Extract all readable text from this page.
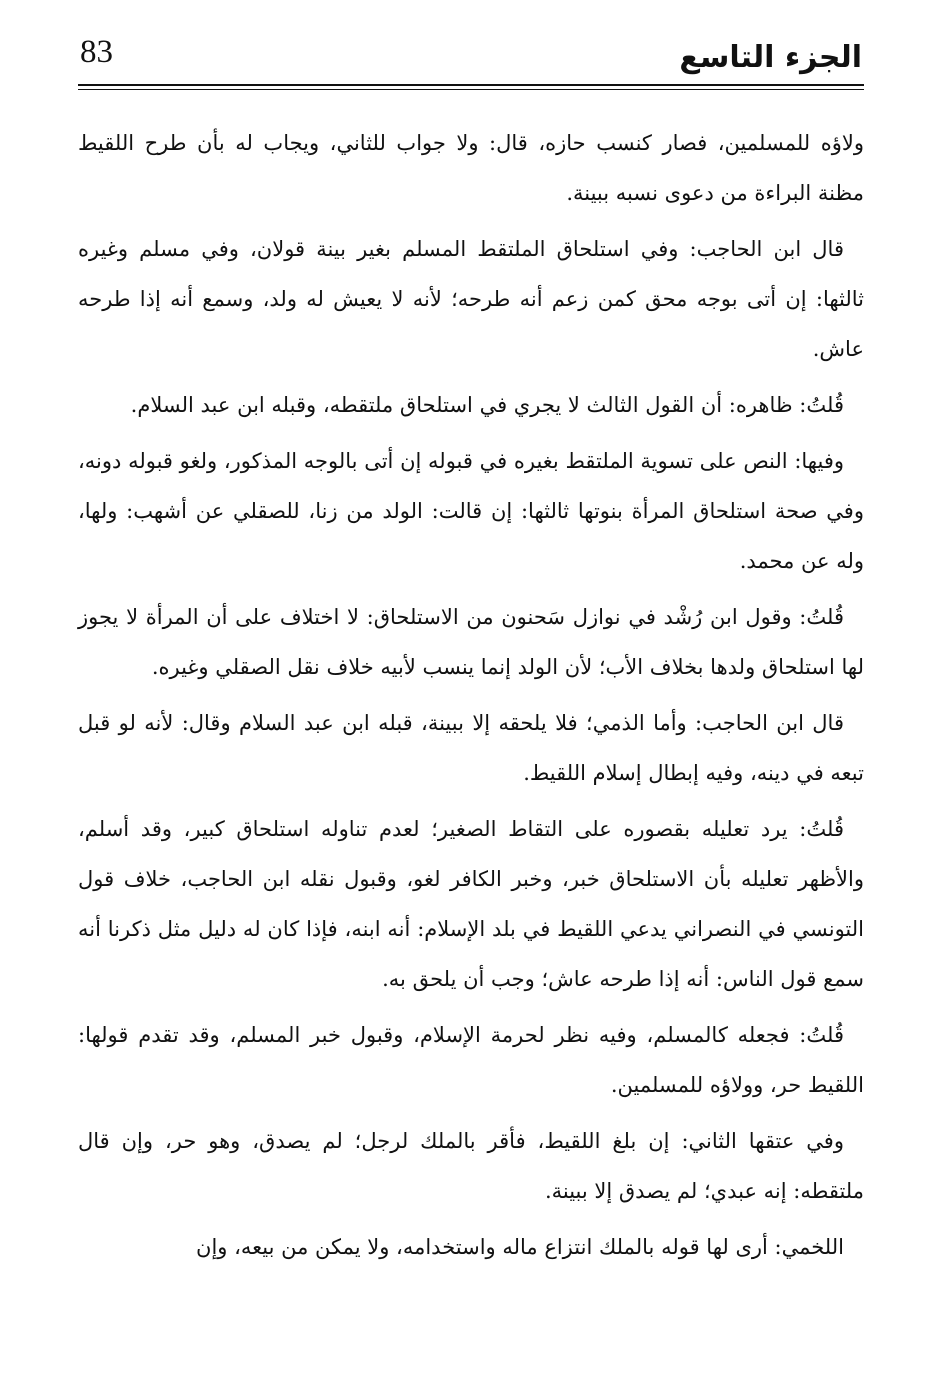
الجزء التاسع
83

ولاؤه للمسلمين، فصار كنسب حازه، قال: ولا جواب للثاني، ويجاب له بأن طرح اللقيط مظنة البراءة من دعوى نسبه ببينة.

قال ابن الحاجب: وفي استلحاق الملتقط المسلم بغير بينة قولان، وفي مسلم وغيره ثالثها: إن أتى بوجه محق كمن زعم أنه طرحه؛ لأنه لا يعيش له ولد، وسمع أنه إذا طرحه عاش.

قُلتُ: ظاهره: أن القول الثالث لا يجري في استلحاق ملتقطه، وقبله ابن عبد السلام.

وفيها: النص على تسوية الملتقط بغيره في قبوله إن أتى بالوجه المذكور، ولغو قبوله دونه، وفي صحة استلحاق المرأة بنوتها ثالثها: إن قالت: الولد من زنا، للصقلي عن أشهب: ولها، وله عن محمد.

قُلتُ: وقول ابن رُشْد في نوازل سَحنون من الاستلحاق: لا اختلاف على أن المرأة لا يجوز لها استلحاق ولدها بخلاف الأب؛ لأن الولد إنما ينسب لأبيه خلاف نقل الصقلي وغيره.

قال ابن الحاجب: وأما الذمي؛ فلا يلحقه إلا ببينة، قبله ابن عبد السلام وقال: لأنه لو قبل تبعه في دينه، وفيه إبطال إسلام اللقيط.

قُلتُ: يرد تعليله بقصوره على التقاط الصغير؛ لعدم تناوله استلحاق كبير، وقد أسلم، والأظهر تعليله بأن الاستلحاق خبر، وخبر الكافر لغو، وقبول نقله ابن الحاجب، خلاف قول التونسي في النصراني يدعي اللقيط في بلد الإسلام: أنه ابنه، فإذا كان له دليل مثل ذكرنا أنه سمع قول الناس: أنه إذا طرحه عاش؛ وجب أن يلحق به.

قُلتُ: فجعله كالمسلم، وفيه نظر لحرمة الإسلام، وقبول خبر المسلم، وقد تقدم قولها: اللقيط حر، وولاؤه للمسلمين.

وفي عتقها الثاني: إن بلغ اللقيط، فأقر بالملك لرجل؛ لم يصدق، وهو حر، وإن قال ملتقطه: إنه عبدي؛ لم يصدق إلا ببينة.

اللخمي: أرى لها قوله بالملك انتزاع ماله واستخدامه، ولا يمكن من بيعه، وإن
